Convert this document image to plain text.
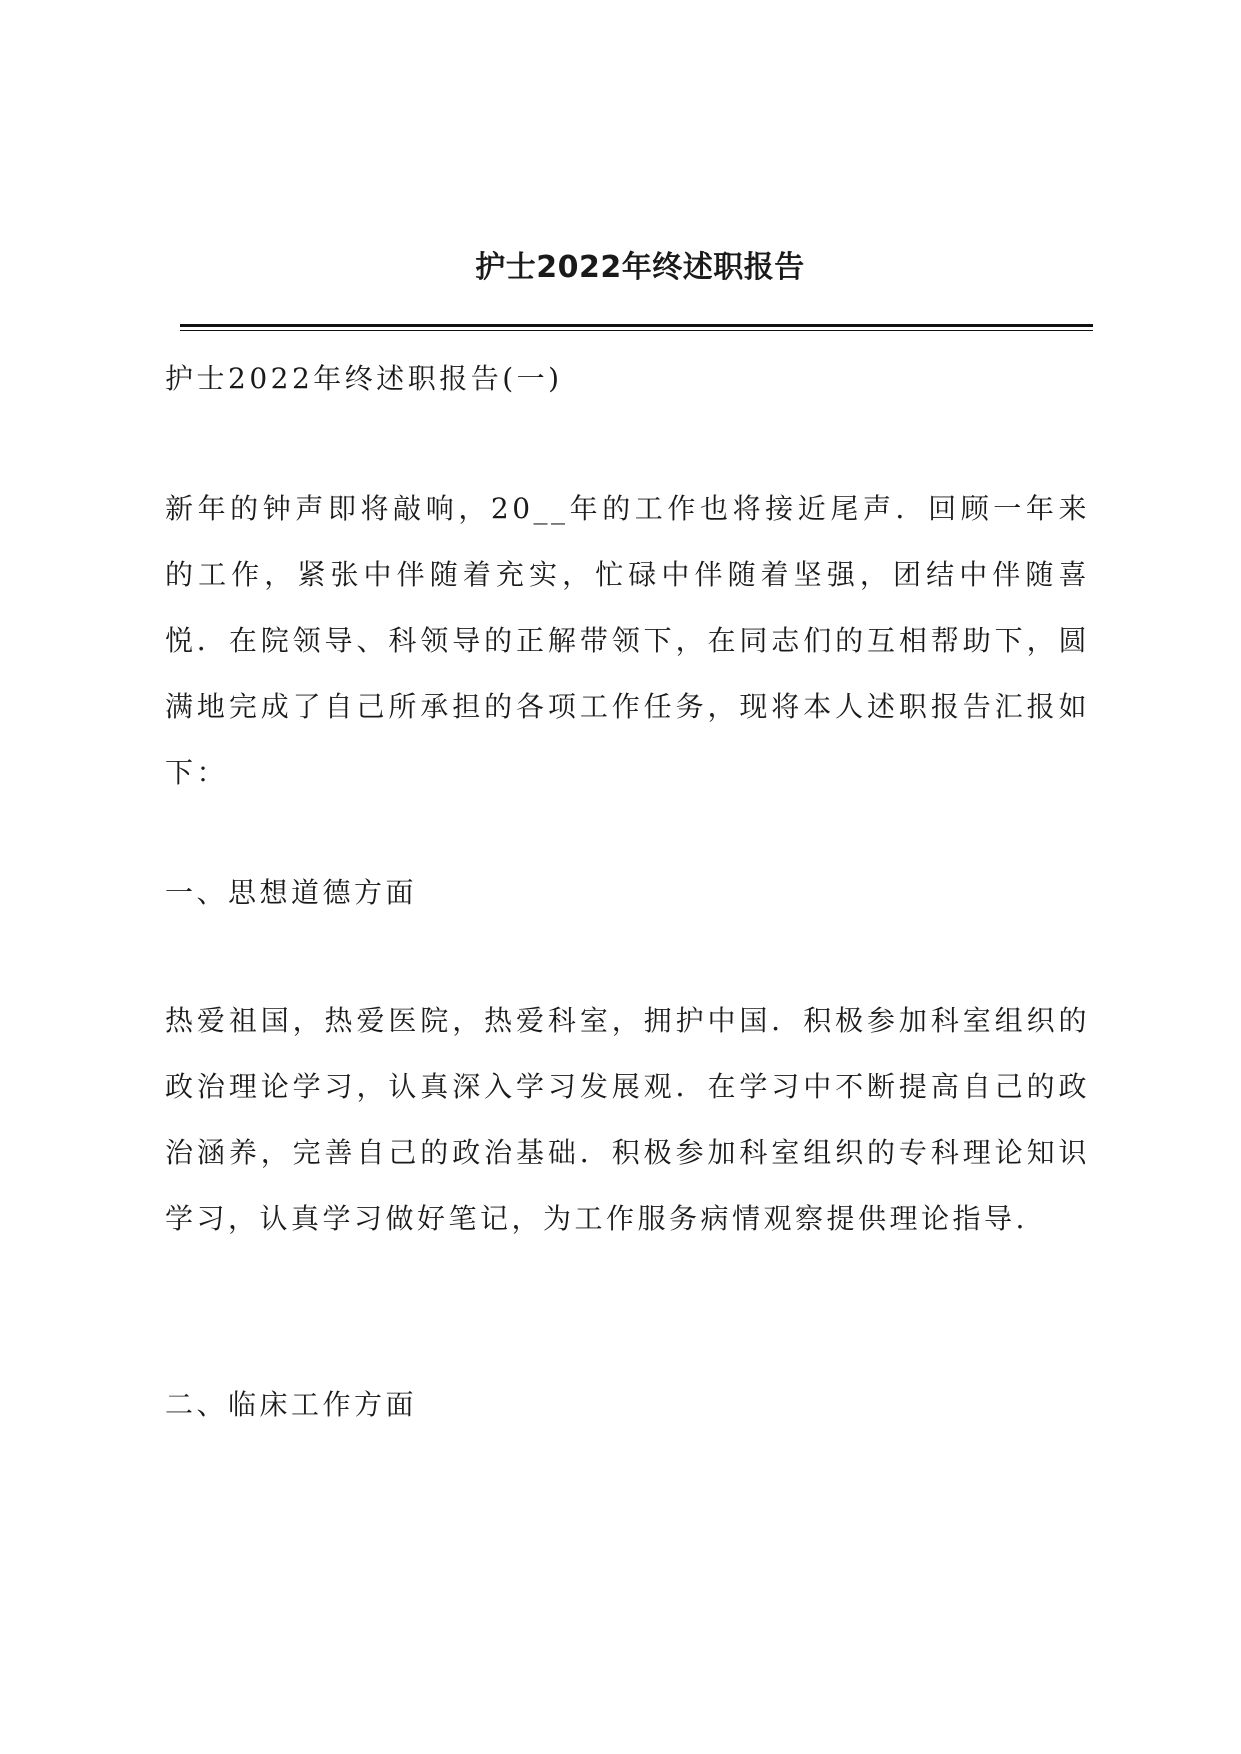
护士2022年终述职报告
护士2022年终述职报告(一)
新年的钟声即将敲响，20__年的工作也将接近尾声．回顾一年来的工作，紧张中伴随着充实，忙碌中伴随着坚强，团结中伴随喜悦．在院领导、科领导的正解带领下，在同志们的互相帮助下，圆满地完成了自己所承担的各项工作任务，现将本人述职报告汇报如下：
一、思想道德方面
热爱祖国，热爱医院，热爱科室，拥护中国．积极参加科室组织的政治理论学习，认真深入学习发展观．在学习中不断提高自己的政治涵养，完善自己的政治基础．积极参加科室组织的专科理论知识学习，认真学习做好笔记，为工作服务病情观察提供理论指导.
二、临床工作方面
